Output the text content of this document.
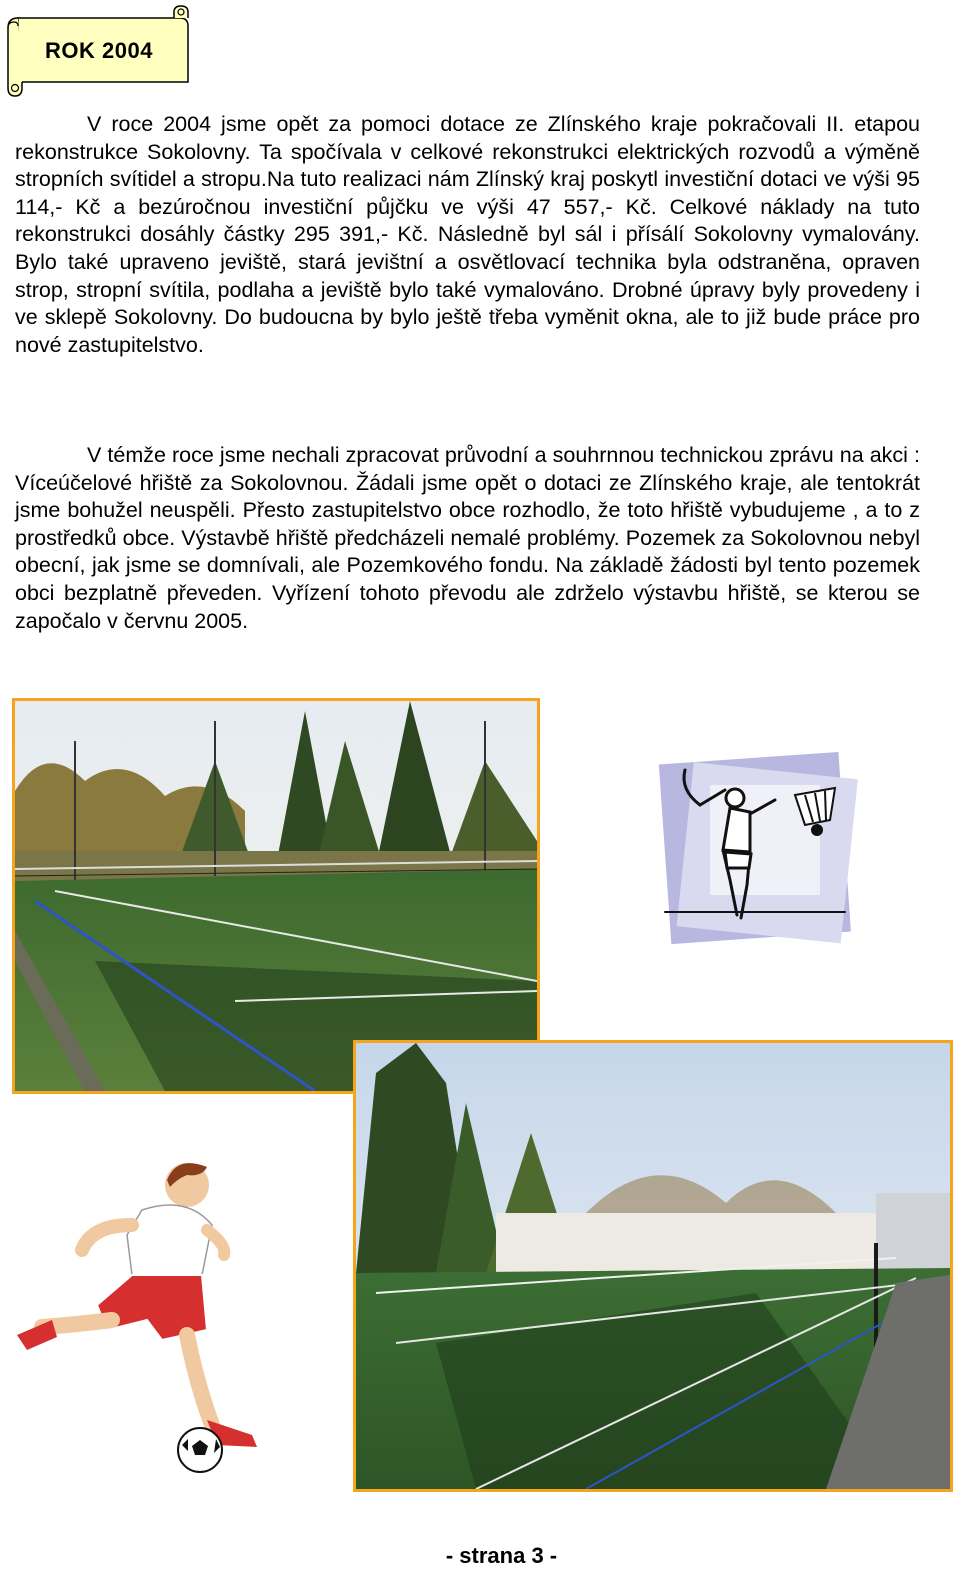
ROK 2004

V roce 2004 jsme opět za pomoci dotace ze Zlínského kraje pokračovali II. etapou rekonstrukce Sokolovny. Ta spočívala v celkové rekonstrukci elektrických rozvodů a výměně stropních svítidel a stropu.Na tuto realizaci nám Zlínský kraj poskytl investiční dotaci ve výši 95 114,- Kč a bezúročnou investiční půjčku ve výši 47 557,- Kč. Celkové náklady na tuto rekonstrukci dosáhly částky 295 391,- Kč. Následně byl sál i přísálí Sokolovny vymalovány. Bylo také upraveno jeviště, stará jevištní a osvětlovací technika byla odstraněna, opraven strop, stropní svítila, podlaha a jeviště bylo také vymalováno. Drobné úpravy byly provedeny i ve sklepě Sokolovny. Do budoucna by bylo ještě třeba vyměnit okna, ale to již bude práce pro nové zastupitelstvo.

V témže roce jsme nechali zpracovat průvodní a souhrnnou technickou zprávu na akci : Víceúčelové hřiště za Sokolovnou. Žádali jsme opět o dotaci ze Zlínského kraje, ale tentokrát jsme bohužel neuspěli. Přesto zastupitelstvo obce rozhodlo, že toto hřiště vybudujeme , a to z prostředků obce. Výstavbě hřiště předcházeli nemalé problémy. Pozemek za Sokolovnou nebyl obecní, jak jsme se domnívali, ale Pozemkového fondu. Na základě žádosti byl tento pozemek obci bezplatně převeden. Vyřízení tohoto převodu ale zdrželo výstavbu hřiště, se kterou se započalo v červnu 2005.

- strana 3 -
